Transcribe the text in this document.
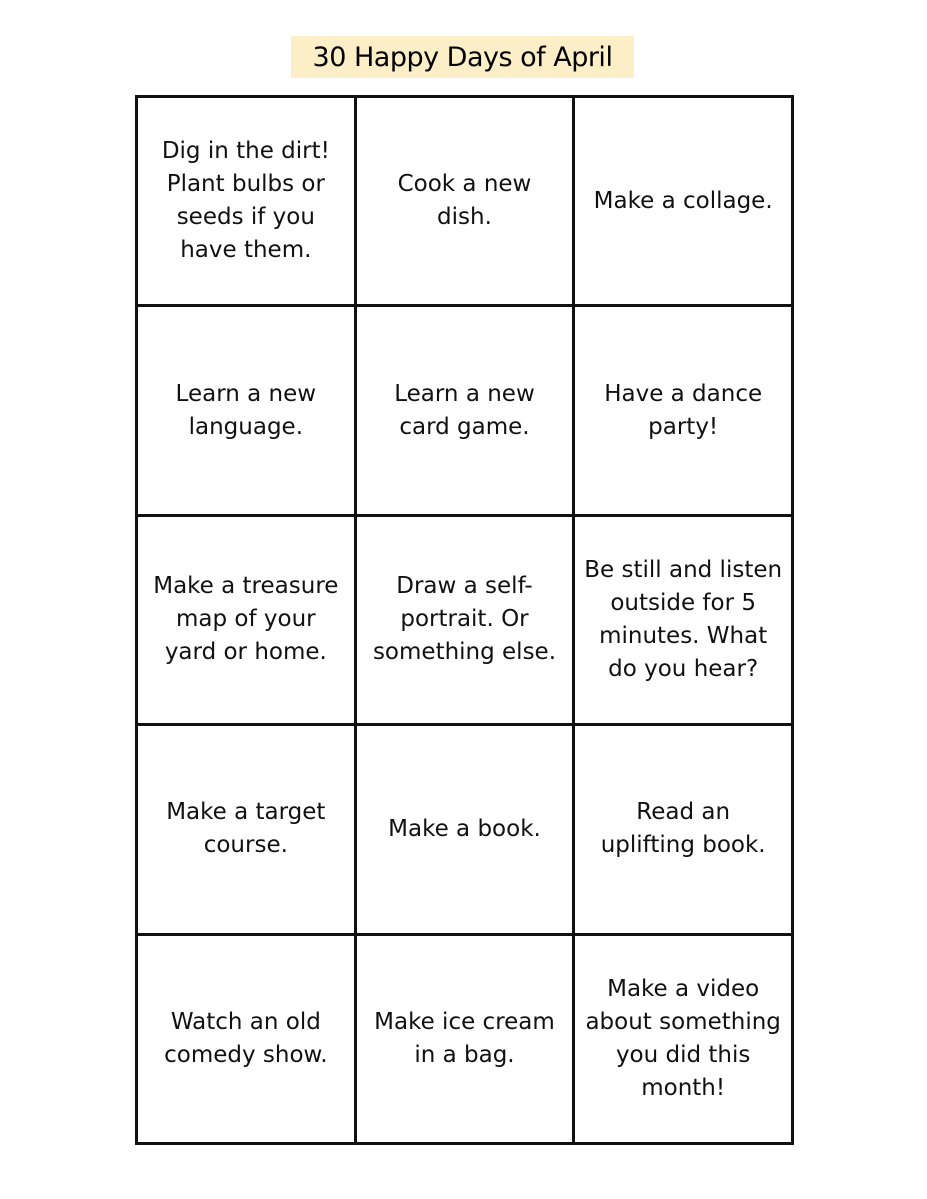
30 Happy Days of April
Dig in the dirt!
Plant bulbs or
seeds if you
have them.
Cook a new
dish.
Make a collage.
Learn a new
language.
Learn a new
card game.
Have a dance
party!
Make a treasure
map of your
yard or home.
Draw a self-
portrait. Or
something else.
Be still and listen
outside for 5
minutes. What
do you hear?
Make a target
course.
Make a book.
Read an
uplifting book.
Watch an old
comedy show.
Make ice cream
in a bag.
Make a video
about something
you did this
month!
